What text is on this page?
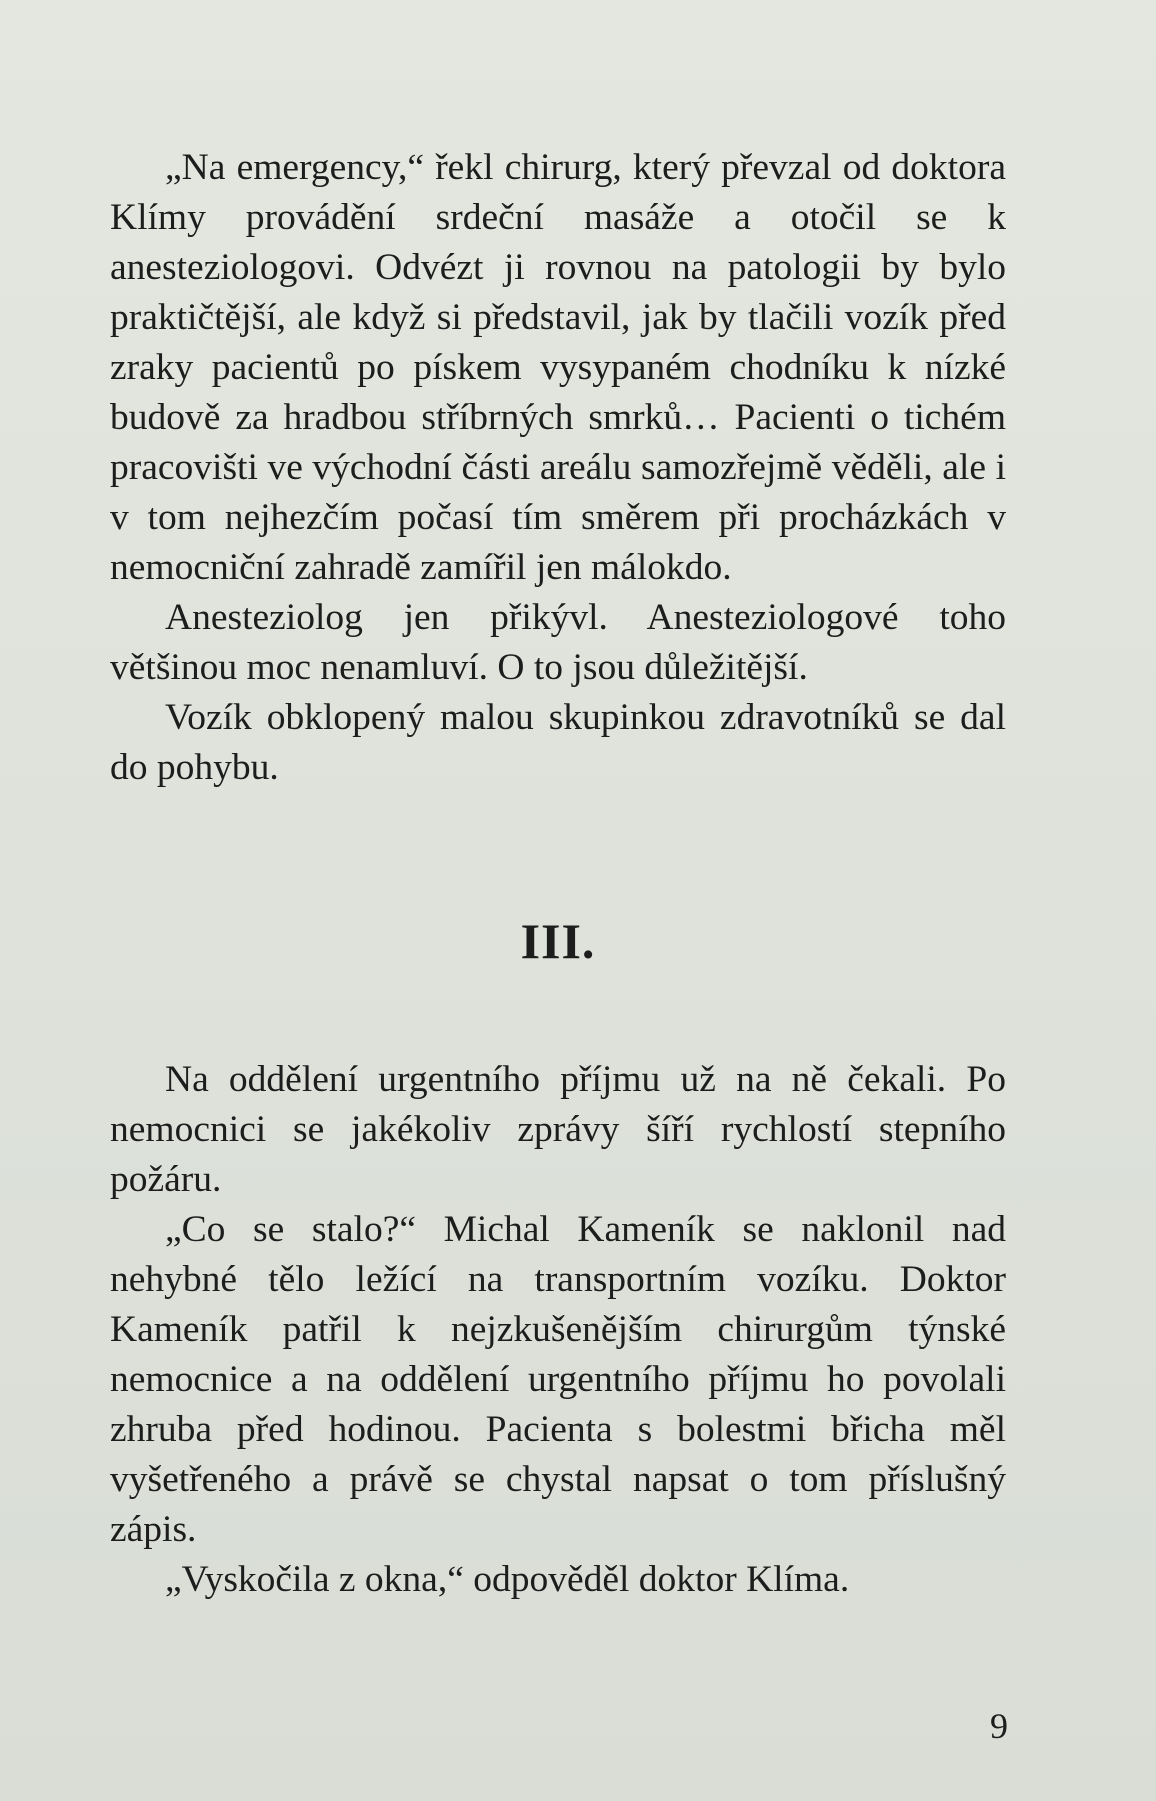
„Na emergency,“ řekl chirurg, který převzal od doktora Klímy provádění srdeční masáže a otočil se k anesteziologovi. Odvézt ji rovnou na patologii by bylo praktičtější, ale když si představil, jak by tlačili vozík před zraky pacientů po pískem vysypaném chodníku k nízké budově za hradbou stříbrných smrků… Pacienti o tichém pracovišti ve východní části areálu samozřejmě věděli, ale i v tom nejhezčím počasí tím směrem při procházkách v nemocniční zahradě zamířil jen málokdo.

Anesteziolog jen přikývl. Anesteziologové toho většinou moc nenamluví. O to jsou důležitější.

Vozík obklopený malou skupinkou zdravotníků se dal do pohybu.

III.

Na oddělení urgentního příjmu už na ně čekali. Po nemocnici se jakékoliv zprávy šíří rychlostí stepního požáru.

„Co se stalo?“ Michal Kameník se naklonil nad nehybné tělo ležící na transportním vozíku. Doktor Kameník patřil k nejzkušenějším chirurgům týnské nemocnice a na oddělení urgentního příjmu ho povolali zhruba před hodinou. Pacienta s bolestmi břicha měl vyšetřeného a právě se chystal napsat o tom příslušný zápis.

„Vyskočila z okna,“ odpověděl doktor Klíma.

9
